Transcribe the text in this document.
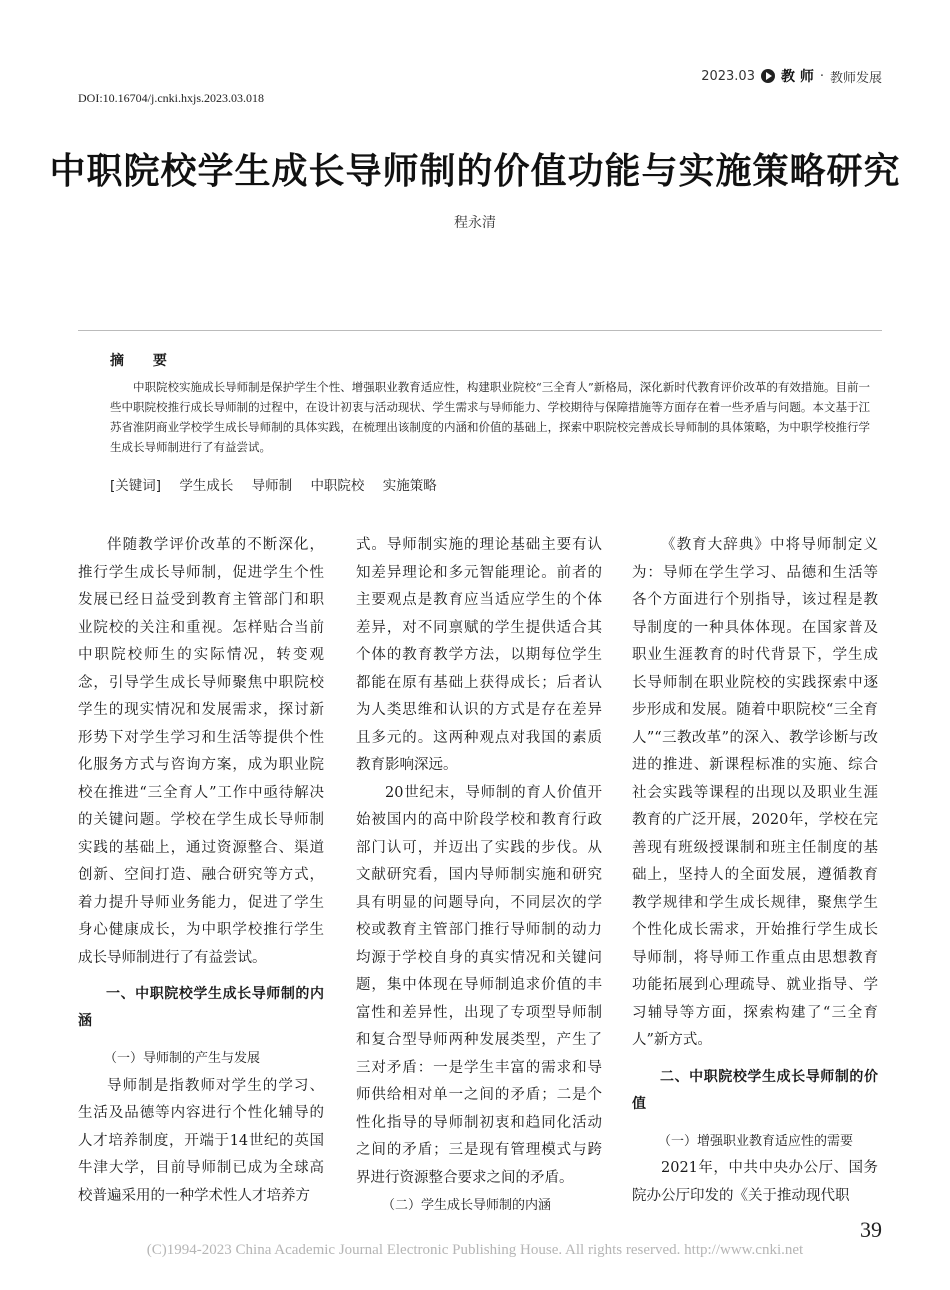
2023.03 教 师 · 教师发展
DOI:10.16704/j.cnki.hxjs.2023.03.018
中职院校学生成长导师制的价值功能与实施策略研究
程永清
摘 要
中职院校实施成长导师制是保护学生个性、增强职业教育适应性，构建职业院校“三全育人”新格局，深化新时代教育评价改革的有效措施。目前一些中职院校推行成长导师制的过程中，在设计初衷与活动现状、学生需求与导师能力、学校期待与保障措施等方面存在着一些矛盾与问题。本文基于江苏省淮阴商业学校学生成长导师制的具体实践，在梳理出该制度的内涵和价值的基础上，探索中职院校完善成长导师制的具体策略，为中职学校推行学生成长导师制进行了有益尝试。
[关键词] 学生成长 导师制 中职院校 实施策略

伴随教学评价改革的不断深化，推行学生成长导师制，促进学生个性发展已经日益受到教育主管部门和职业院校的关注和重视。怎样贴合当前中职院校师生的实际情况，转变观念，引导学生成长导师聚焦中职院校学生的现实情况和发展需求，探讨新形势下对学生学习和生活等提供个性化服务方式与咨询方案，成为职业院校在推进“三全育人”工作中亟待解决的关键问题。学校在学生成长导师制实践的基础上，通过资源整合、渠道创新、空间打造、融合研究等方式，着力提升导师业务能力，促进了学生身心健康成长，为中职学校推行学生成长导师制进行了有益尝试。

一、中职院校学生成长导师制的内涵

（一）导师制的产生与发展

导师制是指教师对学生的学习、生活及品德等内容进行个性化辅导的人才培养制度，开端于14世纪的英国牛津大学，目前导师制已成为全球高校普遍采用的一种学术性人才培养方

式。导师制实施的理论基础主要有认知差异理论和多元智能理论。前者的主要观点是教育应当适应学生的个体差异，对不同禀赋的学生提供适合其个体的教育教学方法，以期每位学生都能在原有基础上获得成长；后者认为人类思维和认识的方式是存在差异且多元的。这两种观点对我国的素质教育影响深远。

20世纪末，导师制的育人价值开始被国内的高中阶段学校和教育行政部门认可，并迈出了实践的步伐。从文献研究看，国内导师制实施和研究具有明显的问题导向，不同层次的学校或教育主管部门推行导师制的动力均源于学校自身的真实情况和关键问题，集中体现在导师制追求价值的丰富性和差异性，出现了专项型导师制和复合型导师两种发展类型，产生了三对矛盾：一是学生丰富的需求和导师供给相对单一之间的矛盾；二是个性化指导的导师制初衷和趋同化活动之间的矛盾；三是现有管理模式与跨界进行资源整合要求之间的矛盾。

（二）学生成长导师制的内涵

《教育大辞典》中将导师制定义为：导师在学生学习、品德和生活等各个方面进行个别指导，该过程是教导制度的一种具体体现。在国家普及职业生涯教育的时代背景下，学生成长导师制在职业院校的实践探索中逐步形成和发展。随着中职院校“三全育人”“三教改革”的深入、教学诊断与改进的推进、新课程标准的实施、综合社会实践等课程的出现以及职业生涯教育的广泛开展，2020年，学校在完善现有班级授课制和班主任制度的基础上，坚持人的全面发展，遵循教育教学规律和学生成长规律，聚焦学生个性化成长需求，开始推行学生成长导师制，将导师工作重点由思想教育功能拓展到心理疏导、就业指导、学习辅导等方面，探索构建了“三全育人”新方式。

二、中职院校学生成长导师制的价值

（一）增强职业教育适应性的需要

2021年，中共中央办公厅、国务院办公厅印发的《关于推动现代职

39
(C)1994-2023 China Academic Journal Electronic Publishing House. All rights reserved. http://www.cnki.net
